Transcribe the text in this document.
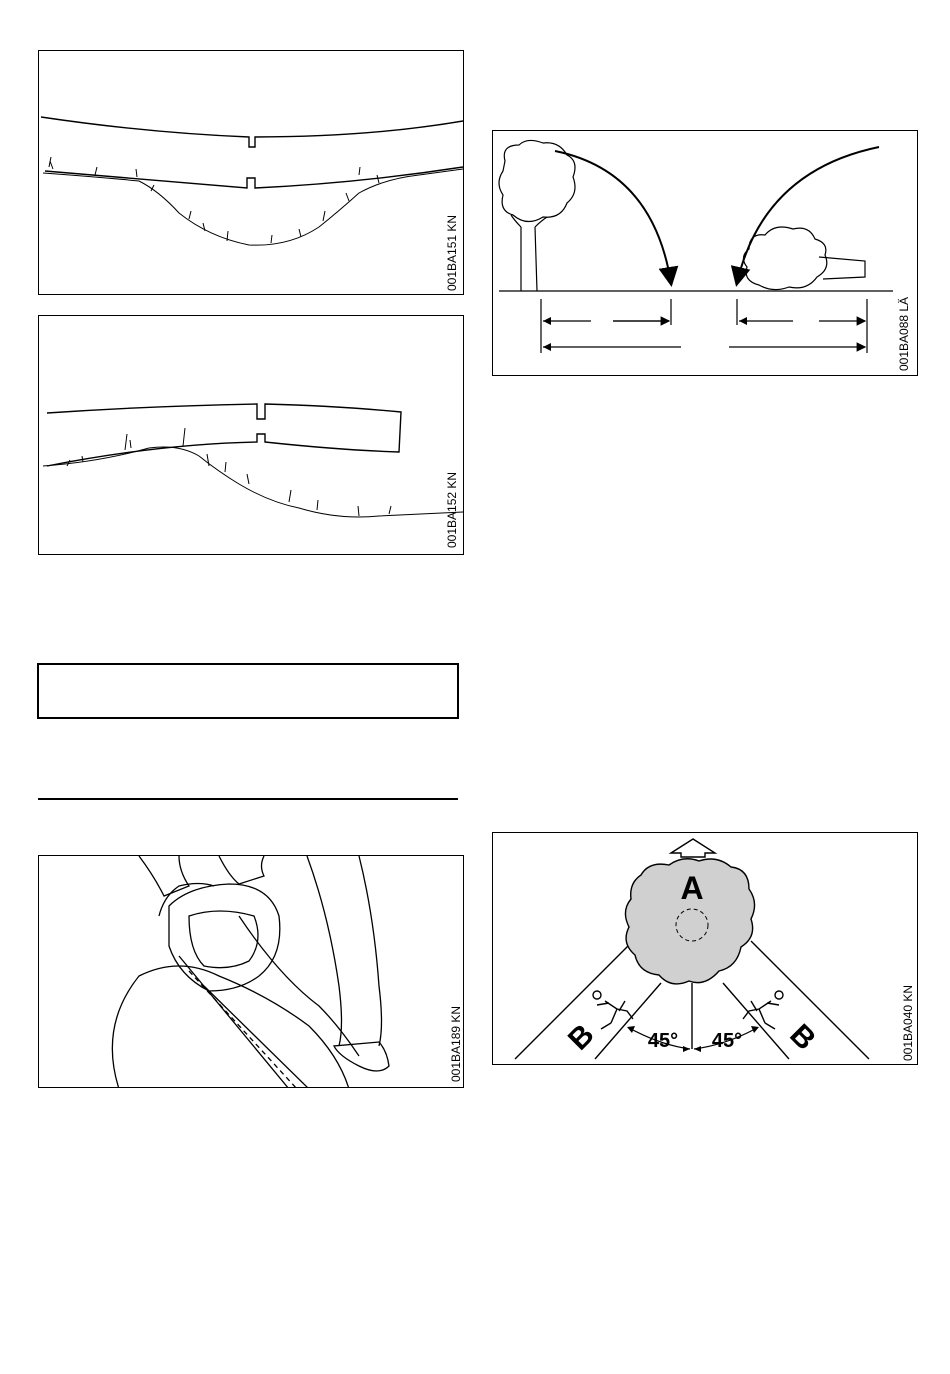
001BA151 KN
001BA152 KN
001BA189 KN
001BA088 LÄ
A
B	B
45° 45°	001BA040 KN
